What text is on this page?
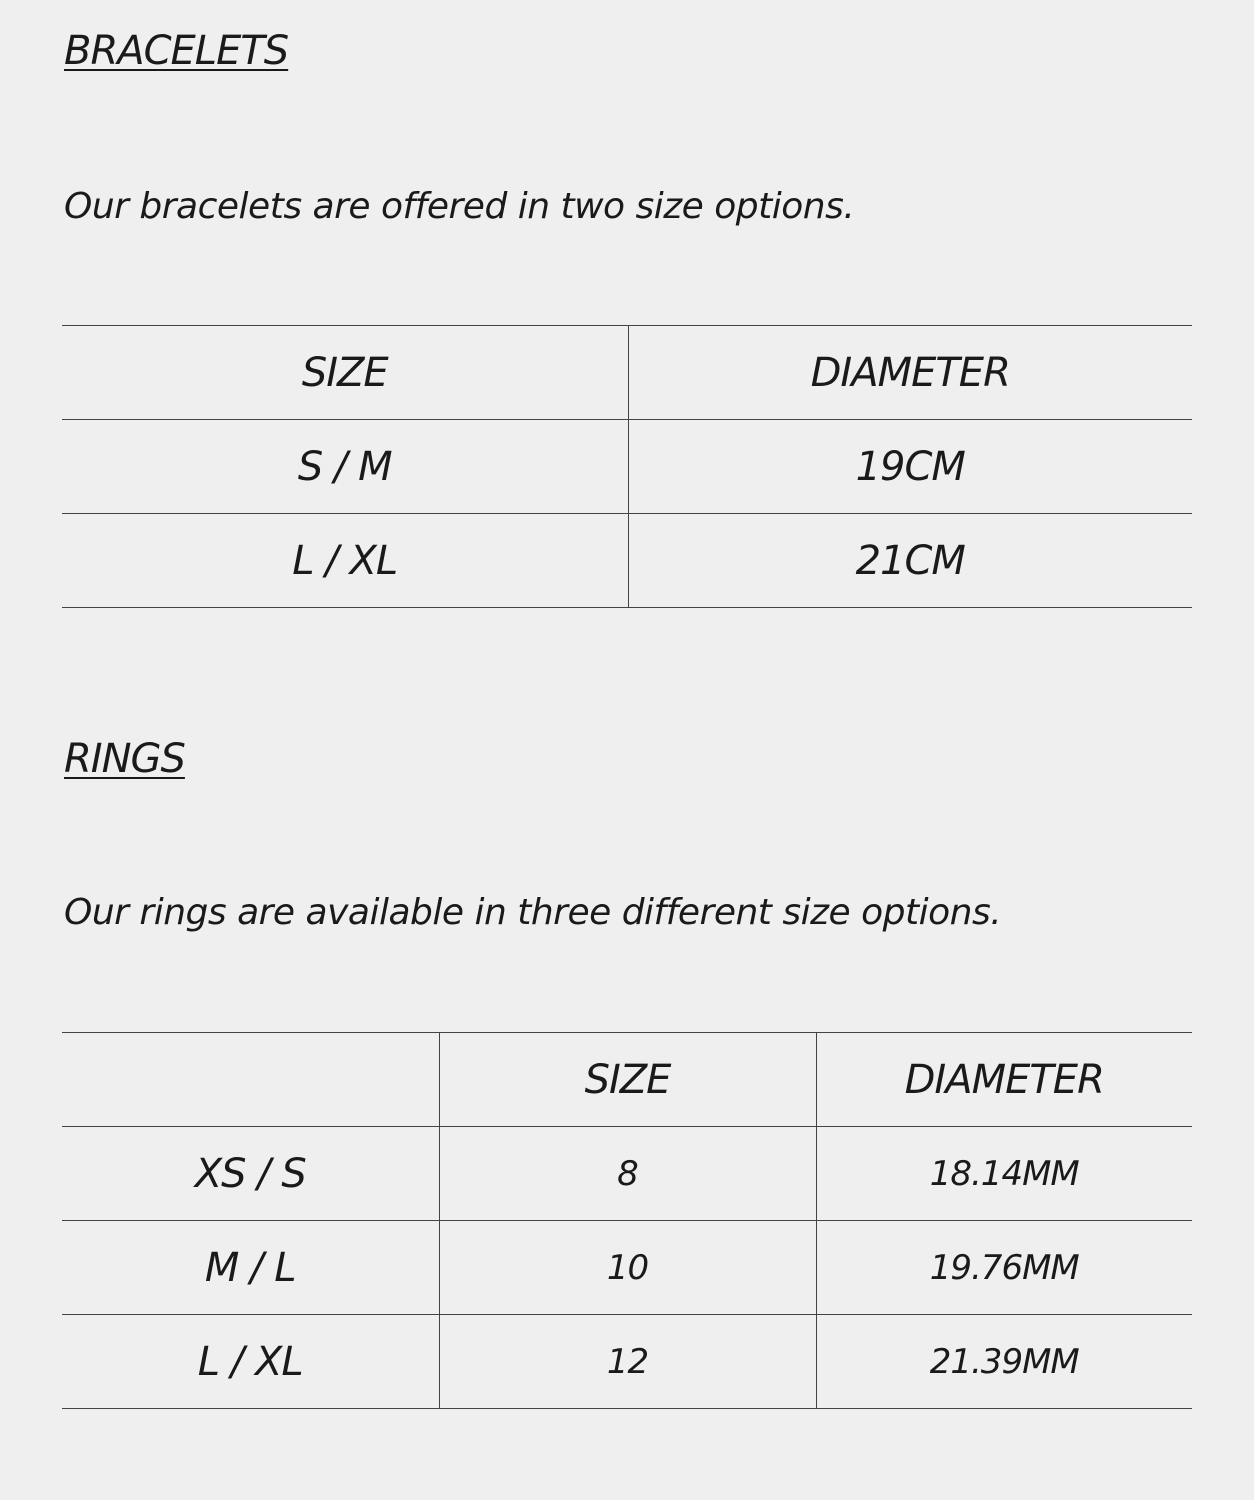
BRACELETS

Our bracelets are offered in two size options.

SIZE	DIAMETER
S / M	19CM
L / XL	21CM
RINGS

Our rings are available in three different size options.

	SIZE	DIAMETER
XS / S	8	18.14MM
M / L	10	19.76MM
L / XL	12	21.39MM
